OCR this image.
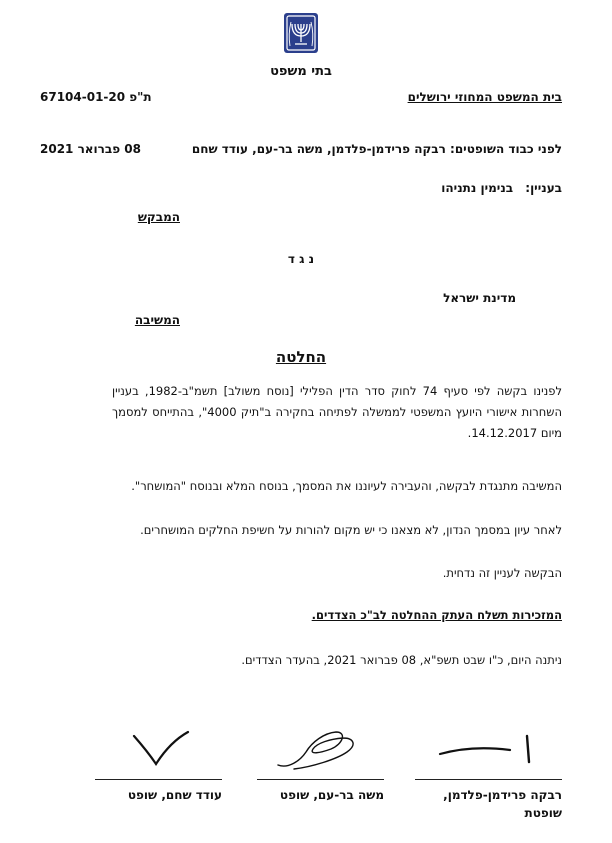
בתי משפט
בית המשפט המחוזי ירושלים
ת"פ 67104-01-20
לפני כבוד השופטים: רבקה פרידמן-פלדמן, משה בר-עם, עודד שחם
08 פברואר 2021
בעניין: בנימין נתניהו
המבקש
נ ג ד
מדינת ישראל
המשיבה
החלטה
לפנינו בקשה לפי סעיף 74 לחוק סדר הדין הפלילי [נוסח משולב] תשמ"ב-1982, בעניין השחרות אישורי היועץ המשפטי לממשלה לפתיחה בחקירה ב"תיק 4000", בהתייחס למסמך מיום 14.12.2017.
המשיבה מתנגדת לבקשה, והעבירה לעיוננו את המסמך, בנוסח המלא ובנוסח "המושחר".
לאחר עיון במסמך הנדון, לא מצאנו כי יש מקום להורות על חשיפת החלקים המושחרים.
הבקשה לעניין זה נדחית.
המזכירות תשלח העתק ההחלטה לב"כ הצדדים.
ניתנה היום, כ"ו שבט תשפ"א, 08 פברואר 2021, בהעדר הצדדים.
רבקה פרידמן-פלדמן,
שופטת
משה בר-עם, שופט
עודד שחם, שופט
